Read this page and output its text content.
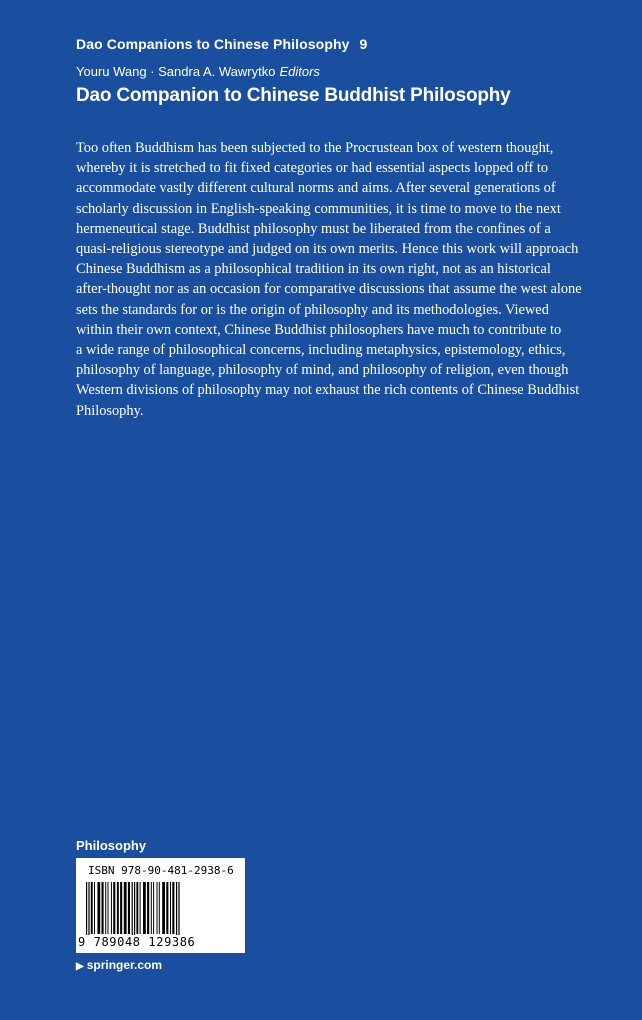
Dao Companions to Chinese Philosophy 9
Youru Wang · Sandra A. Wawrytko Editors
Dao Companion to Chinese Buddhist Philosophy

Too often Buddhism has been subjected to the Procrustean box of western thought,
whereby it is stretched to fit fixed categories or had essential aspects lopped off to
accommodate vastly different cultural norms and aims. After several generations of
scholarly discussion in English-speaking communities, it is time to move to the next
hermeneutical stage. Buddhist philosophy must be liberated from the confines of a
quasi-religious stereotype and judged on its own merits. Hence this work will approach
Chinese Buddhism as a philosophical tradition in its own right, not as an historical
after-thought nor as an occasion for comparative discussions that assume the west alone
sets the standards for or is the origin of philosophy and its methodologies. Viewed
within their own context, Chinese Buddhist philosophers have much to contribute to
a wide range of philosophical concerns, including metaphysics, epistemology, ethics,
philosophy of language, philosophy of mind, and philosophy of religion, even though
Western divisions of philosophy may not exhaust the rich contents of Chinese Buddhist
Philosophy.

Philosophy
ISBN 978-90-481-2938-6
9 789048 129386
▶ springer.com
